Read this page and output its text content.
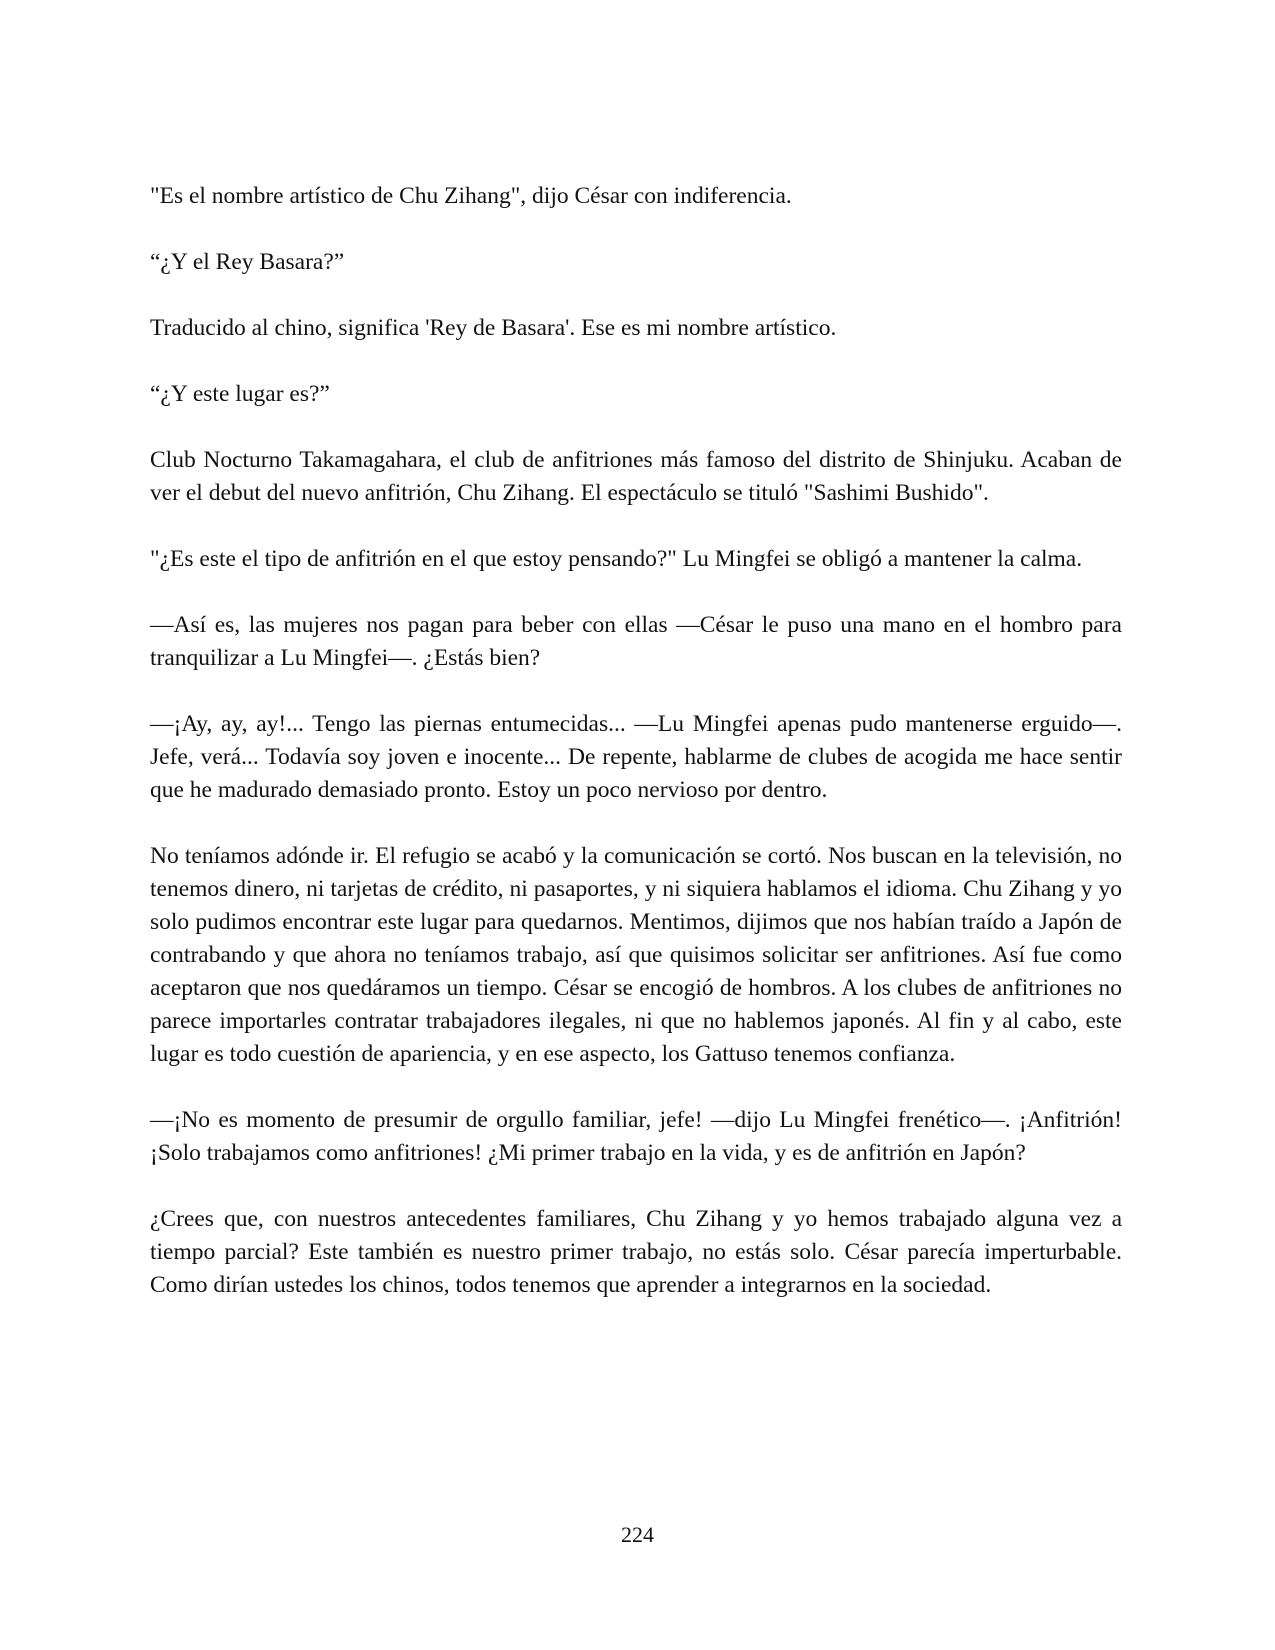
"Es el nombre artístico de Chu Zihang", dijo César con indiferencia.

“¿Y el Rey Basara?”

Traducido al chino, significa 'Rey de Basara'. Ese es mi nombre artístico.

“¿Y este lugar es?”

Club Nocturno Takamagahara, el club de anfitriones más famoso del distrito de Shinjuku. Acaban de ver el debut del nuevo anfitrión, Chu Zihang. El espectáculo se tituló "Sashimi Bushido".

"¿Es este el tipo de anfitrión en el que estoy pensando?" Lu Mingfei se obligó a mantener la calma.

—Así es, las mujeres nos pagan para beber con ellas —César le puso una mano en el hombro para tranquilizar a Lu Mingfei—. ¿Estás bien?

—¡Ay, ay, ay!... Tengo las piernas entumecidas... —Lu Mingfei apenas pudo mantenerse erguido—. Jefe, verá... Todavía soy joven e inocente... De repente, hablarme de clubes de acogida me hace sentir que he madurado demasiado pronto. Estoy un poco nervioso por dentro.

No teníamos adónde ir. El refugio se acabó y la comunicación se cortó. Nos buscan en la televisión, no tenemos dinero, ni tarjetas de crédito, ni pasaportes, y ni siquiera hablamos el idioma. Chu Zihang y yo solo pudimos encontrar este lugar para quedarnos. Mentimos, dijimos que nos habían traído a Japón de contrabando y que ahora no teníamos trabajo, así que quisimos solicitar ser anfitriones. Así fue como aceptaron que nos quedáramos un tiempo. César se encogió de hombros. A los clubes de anfitriones no parece importarles contratar trabajadores ilegales, ni que no hablemos japonés. Al fin y al cabo, este lugar es todo cuestión de apariencia, y en ese aspecto, los Gattuso tenemos confianza.

—¡No es momento de presumir de orgullo familiar, jefe! —dijo Lu Mingfei frenético—. ¡Anfitrión! ¡Solo trabajamos como anfitriones! ¿Mi primer trabajo en la vida, y es de anfitrión en Japón?

¿Crees que, con nuestros antecedentes familiares, Chu Zihang y yo hemos trabajado alguna vez a tiempo parcial? Este también es nuestro primer trabajo, no estás solo. César parecía imperturbable. Como dirían ustedes los chinos, todos tenemos que aprender a integrarnos en la sociedad.

224
